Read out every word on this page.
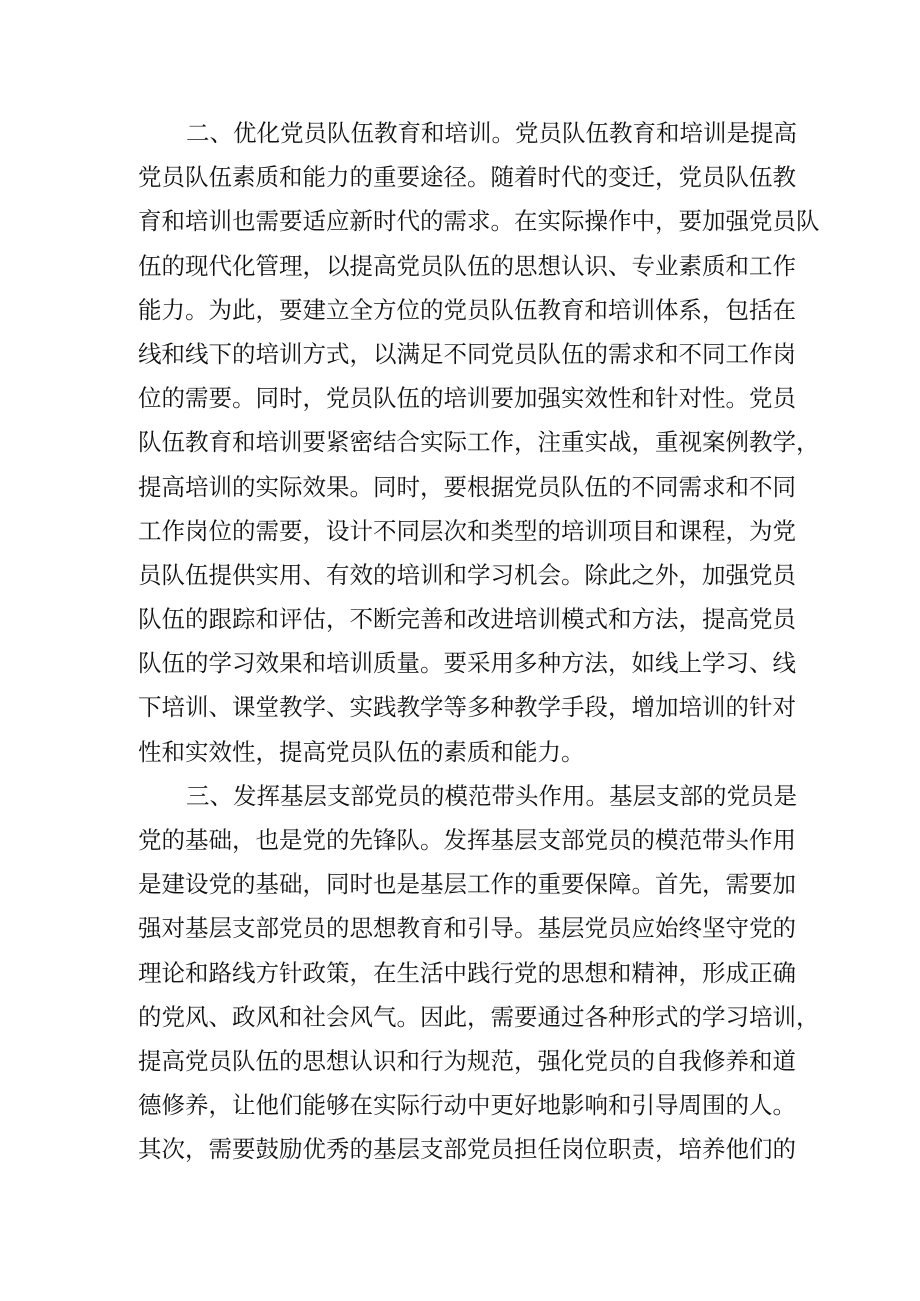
二、优化党员队伍教育和培训。党员队伍教育和培训是提高
党员队伍素质和能力的重要途径。随着时代的变迁，党员队伍教
育和培训也需要适应新时代的需求。在实际操作中，要加强党员队
伍的现代化管理，以提高党员队伍的思想认识、专业素质和工作
能力。为此，要建立全方位的党员队伍教育和培训体系，包括在
线和线下的培训方式，以满足不同党员队伍的需求和不同工作岗
位的需要。同时，党员队伍的培训要加强实效性和针对性。党员
队伍教育和培训要紧密结合实际工作，注重实战，重视案例教学，
提高培训的实际效果。同时，要根据党员队伍的不同需求和不同
工作岗位的需要，设计不同层次和类型的培训项目和课程，为党
员队伍提供实用、有效的培训和学习机会。除此之外，加强党员
队伍的跟踪和评估，不断完善和改进培训模式和方法，提高党员
队伍的学习效果和培训质量。要采用多种方法，如线上学习、线
下培训、课堂教学、实践教学等多种教学手段，增加培训的针对
性和实效性，提高党员队伍的素质和能力。
三、发挥基层支部党员的模范带头作用。基层支部的党员是
党的基础，也是党的先锋队。发挥基层支部党员的模范带头作用
是建设党的基础，同时也是基层工作的重要保障。首先，需要加
强对基层支部党员的思想教育和引导。基层党员应始终坚守党的
理论和路线方针政策，在生活中践行党的思想和精神，形成正确
的党风、政风和社会风气。因此，需要通过各种形式的学习培训，
提高党员队伍的思想认识和行为规范，强化党员的自我修养和道
德修养，让他们能够在实际行动中更好地影响和引导周围的人。
其次，需要鼓励优秀的基层支部党员担任岗位职责，培养他们的
